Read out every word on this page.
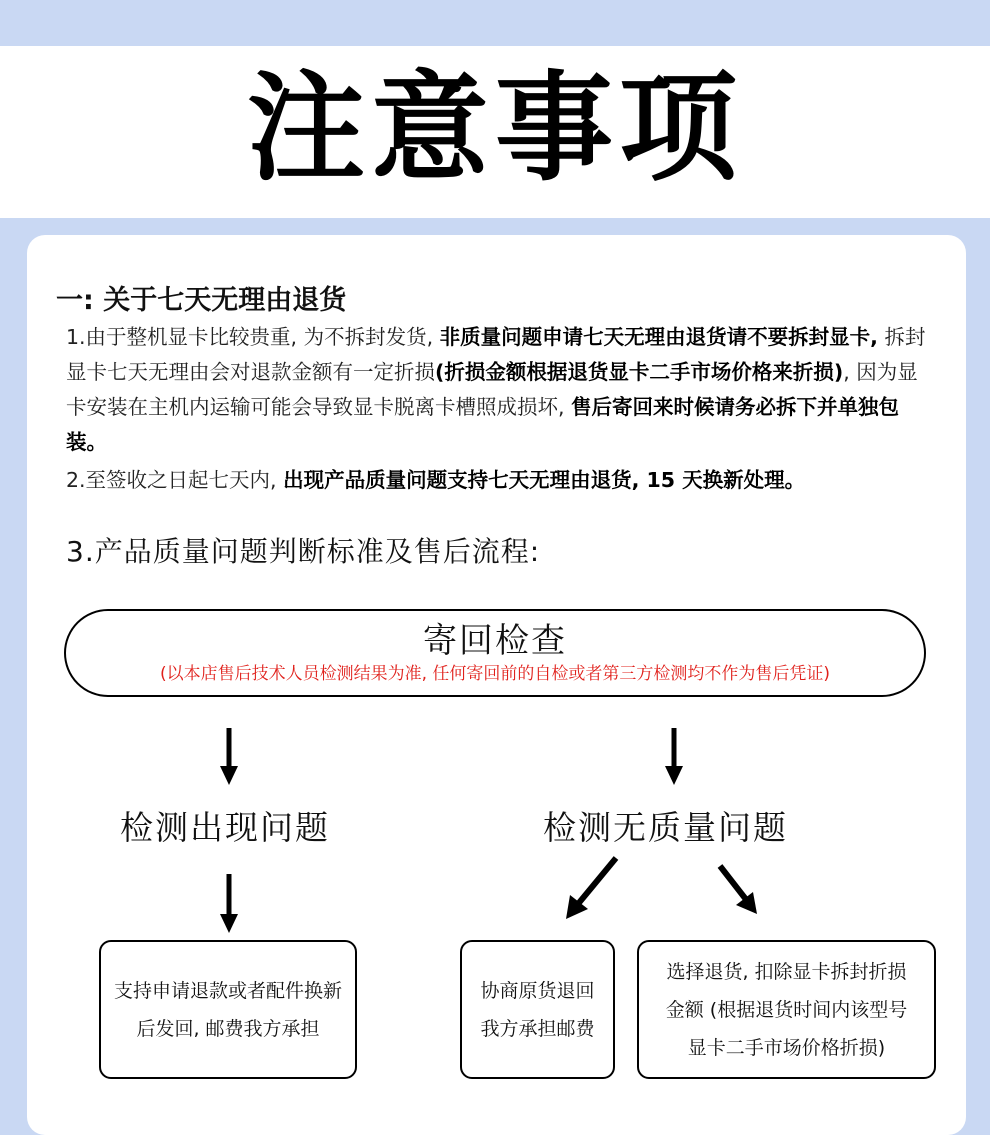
注意事项
一: 关于七天无理由退货
1.由于整机显卡比较贵重, 为不拆封发货, 非质量问题申请七天无理由退货请不要拆封显卡, 拆封显卡七天无理由会对退款金额有一定折损(折损金额根据退货显卡二手市场价格来折损), 因为显卡安装在主机内运输可能会导致显卡脱离卡槽照成损坏, 售后寄回来时候请务必拆下并单独包装。
2.至签收之日起七天内, 出现产品质量问题支持七天无理由退货, 15 天换新处理。
3.产品质量问题判断标准及售后流程:
寄回检查
(以本店售后技术人员检测结果为准, 任何寄回前的自检或者第三方检测均不作为售后凭证)
检测出现问题	检测无质量问题
支持申请退款或者配件换新
后发回, 邮费我方承担
协商原货退回
我方承担邮费
选择退货, 扣除显卡拆封折损
金额 (根据退货时间内该型号
显卡二手市场价格折损)
